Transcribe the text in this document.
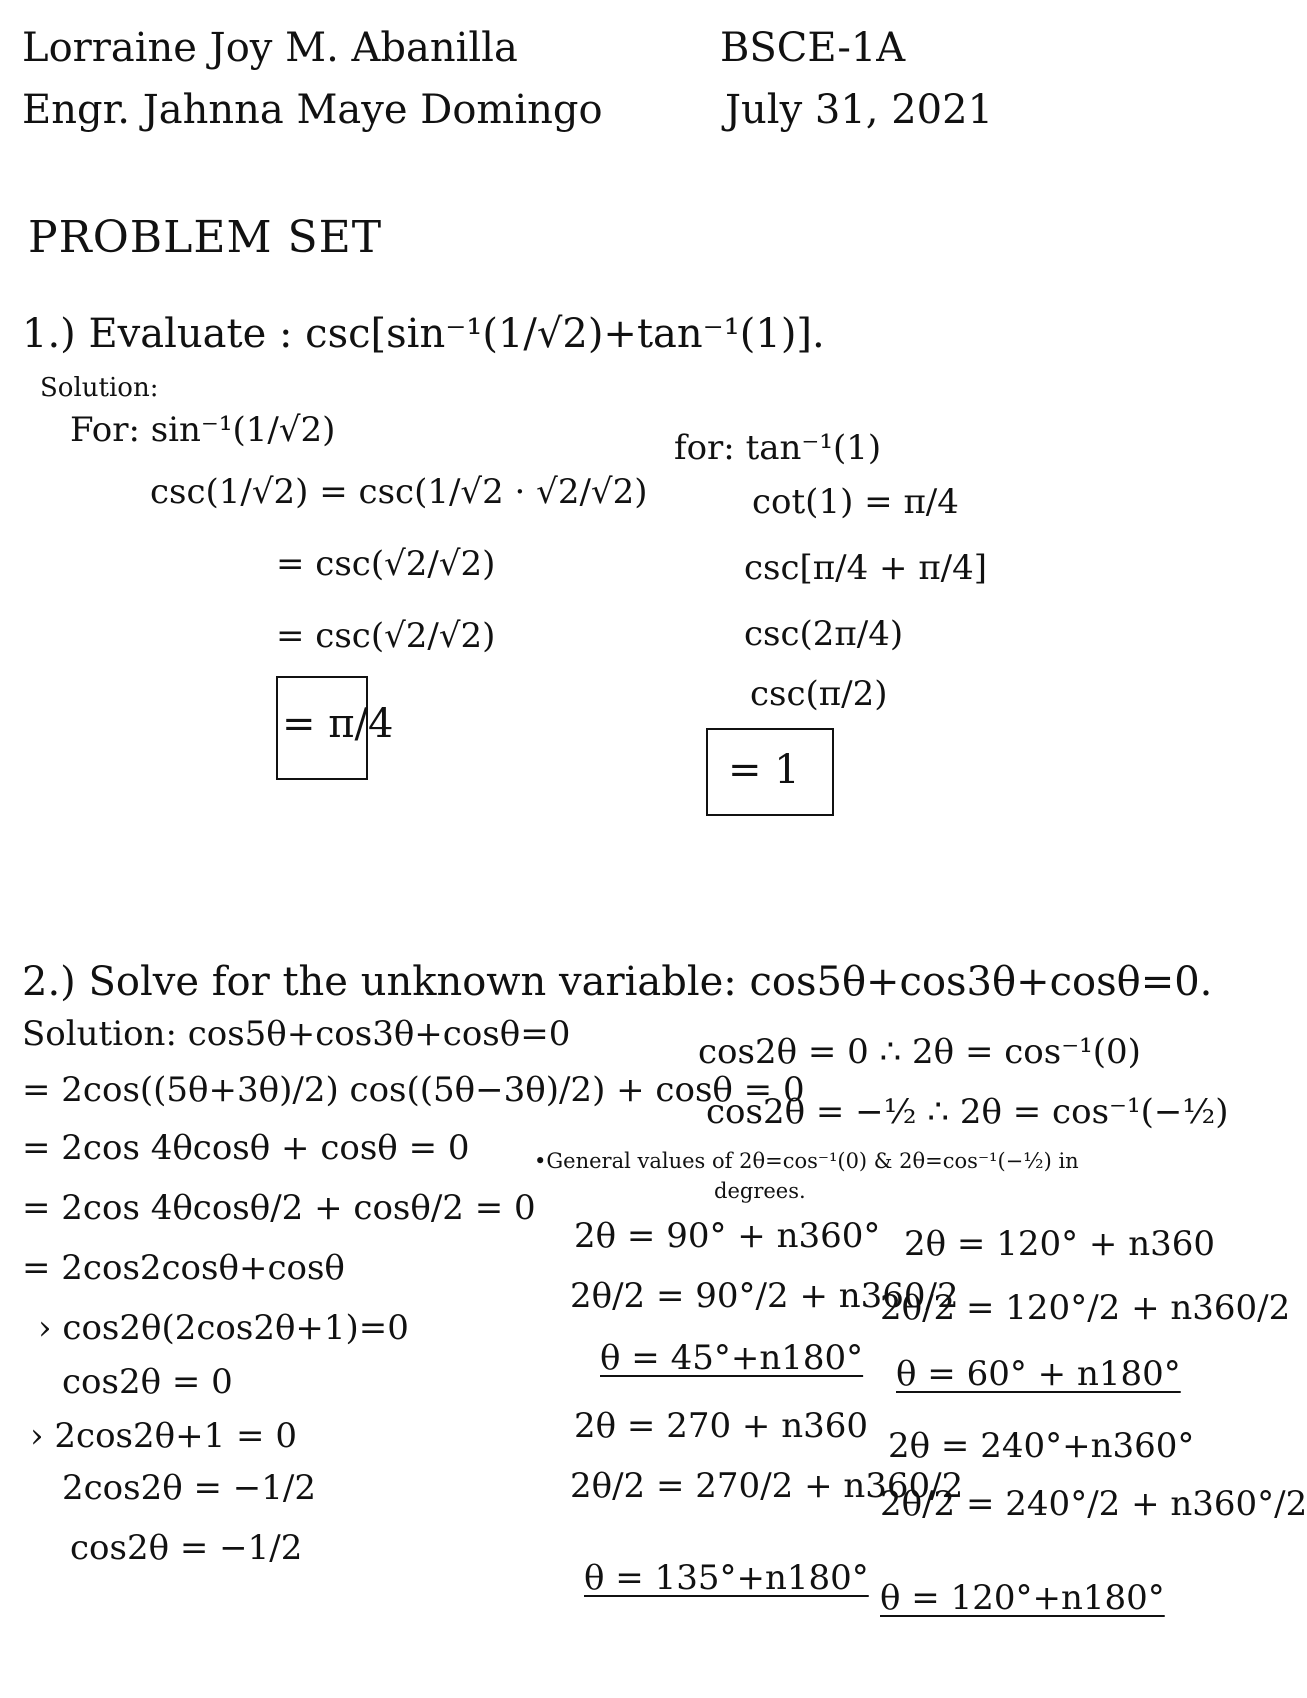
Lorraine Joy M. Abanilla
Engr. Jahnna Maye Domingo
BSCE-1A
July 31, 2021
PROBLEM SET
1.) Evaluate : csc[sin⁻¹(1/√2)+tan⁻¹(1)].
Solution:
For: sin⁻¹(1/√2)
csc(1/√2) = csc(1/√2 · √2/√2)
= csc(√2/√2)
= csc(√2/√2)
= π/4
for: tan⁻¹(1)
cot(1) = π/4
csc[π/4 + π/4]
csc(2π/4)
csc(π/2)
= 1
2.) Solve for the unknown variable: cos5θ+cos3θ+cosθ=0.
Solution: cos5θ+cos3θ+cosθ=0
= 2cos((5θ+3θ)/2) cos((5θ−3θ)/2) + cosθ = 0
= 2cos 4θcosθ + cosθ = 0
= 2cos 4θcosθ/2 + cosθ/2 = 0
= 2cos2cosθ+cosθ
› cos2θ(2cos2θ+1)=0
cos2θ = 0
› 2cos2θ+1 = 0
2cos2θ = −1/2
cos2θ = −1/2
cos2θ = 0 ∴ 2θ = cos⁻¹(0)
cos2θ = −½ ∴ 2θ = cos⁻¹(−½)
•General values of 2θ=cos⁻¹(0) & 2θ=cos⁻¹(−½) in
degrees.
2θ = 90° + n360°
2θ/2 = 90°/2 + n360/2
θ = 45°+n180°
2θ = 270 + n360
2θ/2 = 270/2 + n360/2
θ = 135°+n180°
2θ = 120° + n360
2θ/2 = 120°/2 + n360/2
θ = 60° + n180°
2θ = 240°+n360°
2θ/2 = 240°/2 + n360°/2
θ = 120°+n180°
